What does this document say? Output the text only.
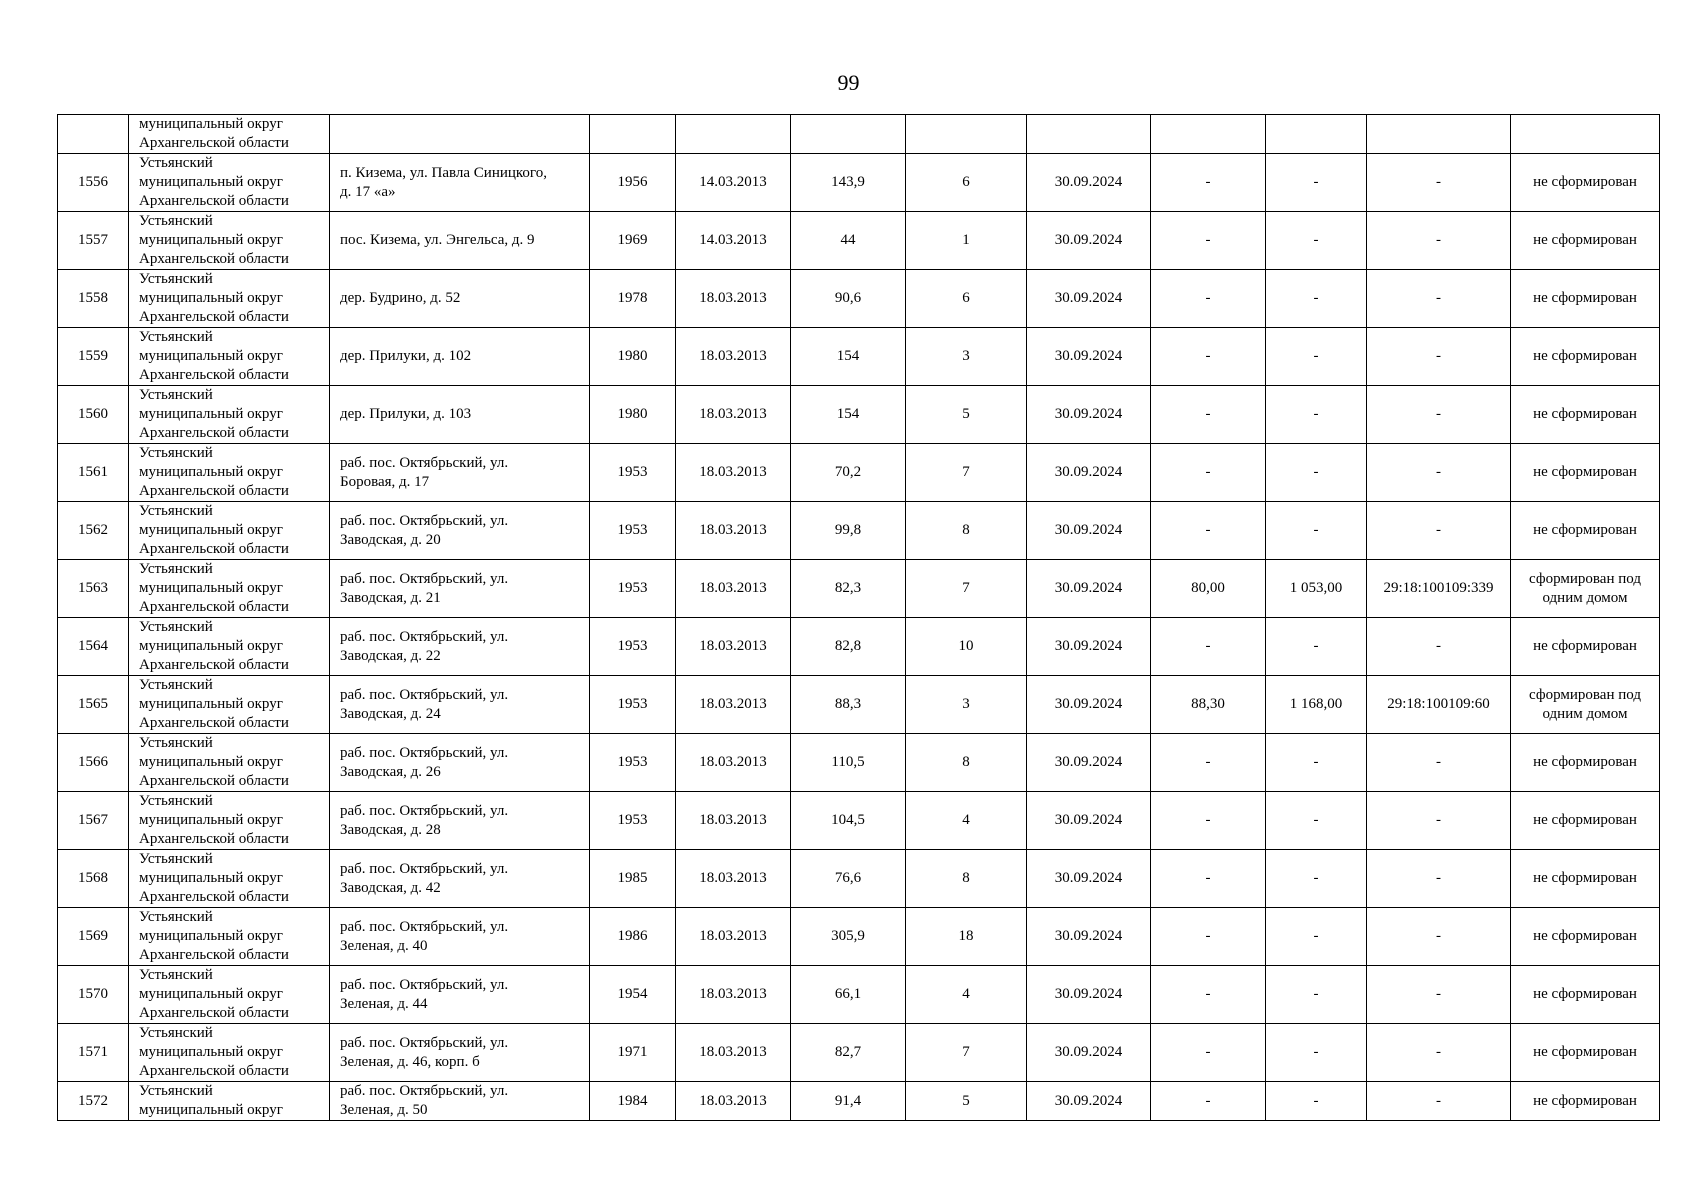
99
	муниципальный округ
Архангельской области										
1556	Устьянский
муниципальный округ
Архангельской области	п. Кизема, ул. Павла Синицкого,
д. 17 «а»	1956	14.03.2013	143,9	6	30.09.2024	-	-	-	не сформирован
1557	Устьянский
муниципальный округ
Архангельской области	пос. Кизема, ул. Энгельса, д. 9	1969	14.03.2013	44	1	30.09.2024	-	-	-	не сформирован
1558	Устьянский
муниципальный округ
Архангельской области	дер. Будрино, д. 52	1978	18.03.2013	90,6	6	30.09.2024	-	-	-	не сформирован
1559	Устьянский
муниципальный округ
Архангельской области	дер. Прилуки, д. 102	1980	18.03.2013	154	3	30.09.2024	-	-	-	не сформирован
1560	Устьянский
муниципальный округ
Архангельской области	дер. Прилуки, д. 103	1980	18.03.2013	154	5	30.09.2024	-	-	-	не сформирован
1561	Устьянский
муниципальный округ
Архангельской области	раб. пос. Октябрьский, ул.
Боровая, д. 17	1953	18.03.2013	70,2	7	30.09.2024	-	-	-	не сформирован
1562	Устьянский
муниципальный округ
Архангельской области	раб. пос. Октябрьский, ул.
Заводская, д. 20	1953	18.03.2013	99,8	8	30.09.2024	-	-	-	не сформирован
1563	Устьянский
муниципальный округ
Архангельской области	раб. пос. Октябрьский, ул.
Заводская, д. 21	1953	18.03.2013	82,3	7	30.09.2024	80,00	1 053,00	29:18:100109:339	сформирован под
одним домом
1564	Устьянский
муниципальный округ
Архангельской области	раб. пос. Октябрьский, ул.
Заводская, д. 22	1953	18.03.2013	82,8	10	30.09.2024	-	-	-	не сформирован
1565	Устьянский
муниципальный округ
Архангельской области	раб. пос. Октябрьский, ул.
Заводская, д. 24	1953	18.03.2013	88,3	3	30.09.2024	88,30	1 168,00	29:18:100109:60	сформирован под
одним домом
1566	Устьянский
муниципальный округ
Архангельской области	раб. пос. Октябрьский, ул.
Заводская, д. 26	1953	18.03.2013	110,5	8	30.09.2024	-	-	-	не сформирован
1567	Устьянский
муниципальный округ
Архангельской области	раб. пос. Октябрьский, ул.
Заводская, д. 28	1953	18.03.2013	104,5	4	30.09.2024	-	-	-	не сформирован
1568	Устьянский
муниципальный округ
Архангельской области	раб. пос. Октябрьский, ул.
Заводская, д. 42	1985	18.03.2013	76,6	8	30.09.2024	-	-	-	не сформирован
1569	Устьянский
муниципальный округ
Архангельской области	раб. пос. Октябрьский, ул.
Зеленая, д. 40	1986	18.03.2013	305,9	18	30.09.2024	-	-	-	не сформирован
1570	Устьянский
муниципальный округ
Архангельской области	раб. пос. Октябрьский, ул.
Зеленая, д. 44	1954	18.03.2013	66,1	4	30.09.2024	-	-	-	не сформирован
1571	Устьянский
муниципальный округ
Архангельской области	раб. пос. Октябрьский, ул.
Зеленая, д. 46, корп. б	1971	18.03.2013	82,7	7	30.09.2024	-	-	-	не сформирован
1572	Устьянский
муниципальный округ	раб. пос. Октябрьский, ул.
Зеленая, д. 50	1984	18.03.2013	91,4	5	30.09.2024	-	-	-	не сформирован
